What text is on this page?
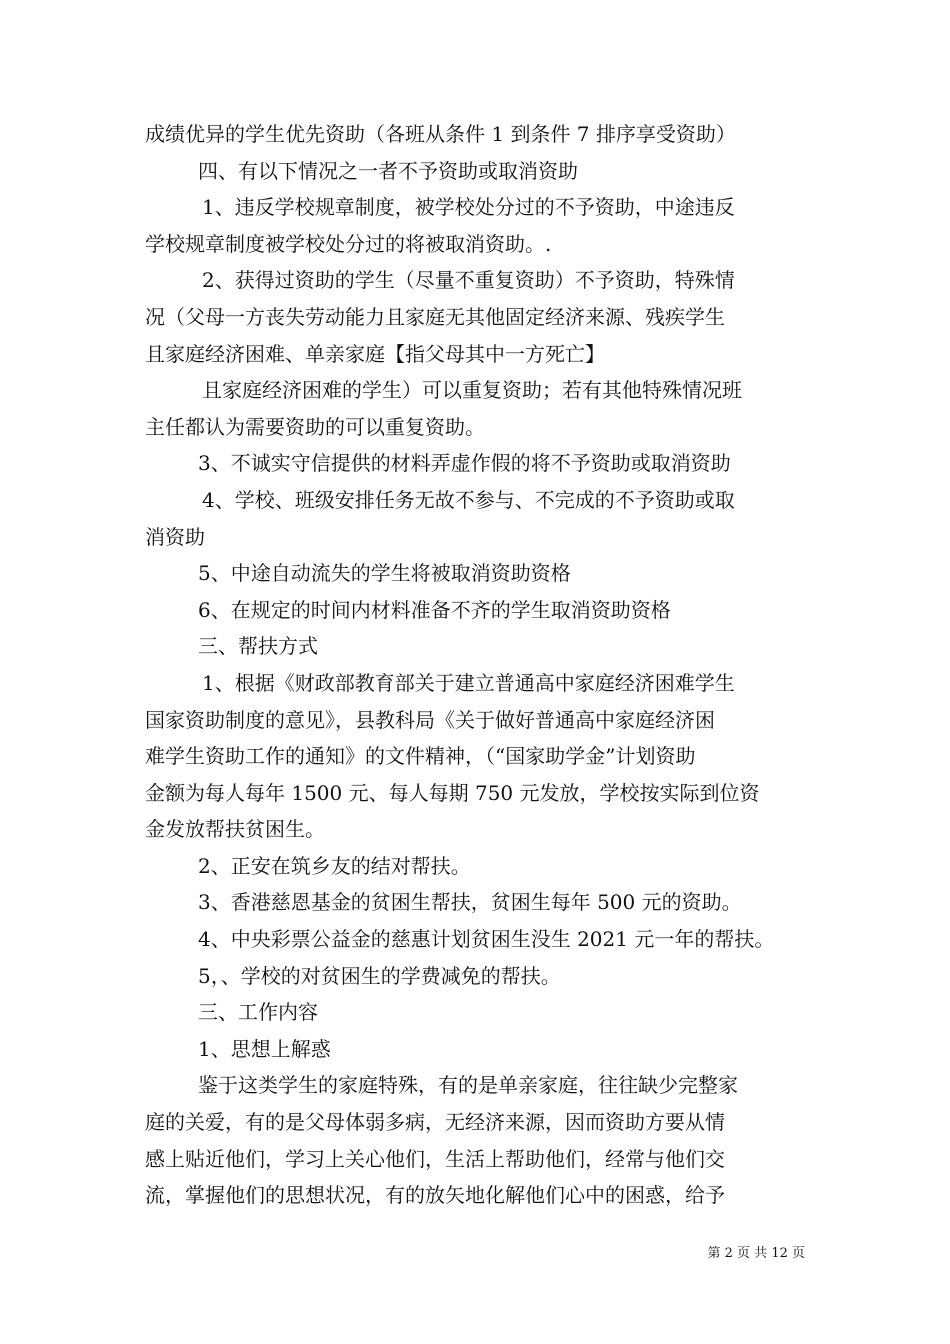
成绩优异的学生优先资助（各班从条件 1 到条件 7 排序享受资助）
四、有以下情况之一者不予资助或取消资助
1、违反学校规章制度，被学校处分过的不予资助，中途违反
学校规章制度被学校处分过的将被取消资助。.
2、获得过资助的学生（尽量不重复资助）不予资助，特殊情
况（父母一方丧失劳动能力且家庭无其他固定经济来源、残疾学生
且家庭经济困难、单亲家庭【指父母其中一方死亡】
且家庭经济困难的学生）可以重复资助；若有其他特殊情况班
主任都认为需要资助的可以重复资助。
3、不诚实守信提供的材料弄虚作假的将不予资助或取消资助
4、学校、班级安排任务无故不参与、不完成的不予资助或取
消资助
5、中途自动流失的学生将被取消资助资格
6、在规定的时间内材料准备不齐的学生取消资助资格
三、帮扶方式
1、根据《财政部教育部关于建立普通高中家庭经济困难学生
国家资助制度的意见》，县教科局《关于做好普通高中家庭经济困
难学生资助工作的通知》的文件精神，（“国家助学金”计划资助
金额为每人每年 1500 元、每人每期 750 元发放，学校按实际到位资
金发放帮扶贫困生。
2、正安在筑乡友的结对帮扶。
3、香港慈恩基金的贫困生帮扶，贫困生每年 500 元的资助。
4、中央彩票公益金的慈惠计划贫困生没生 2021 元一年的帮扶。
5，、学校的对贫困生的学费减免的帮扶。
三、工作内容
1、思想上解惑
鉴于这类学生的家庭特殊，有的是单亲家庭，往往缺少完整家
庭的关爱，有的是父母体弱多病，无经济来源，因而资助方要从情
感上贴近他们，学习上关心他们，生活上帮助他们，经常与他们交
流，掌握他们的思想状况，有的放矢地化解他们心中的困惑，给予
第 2 页 共 12 页
